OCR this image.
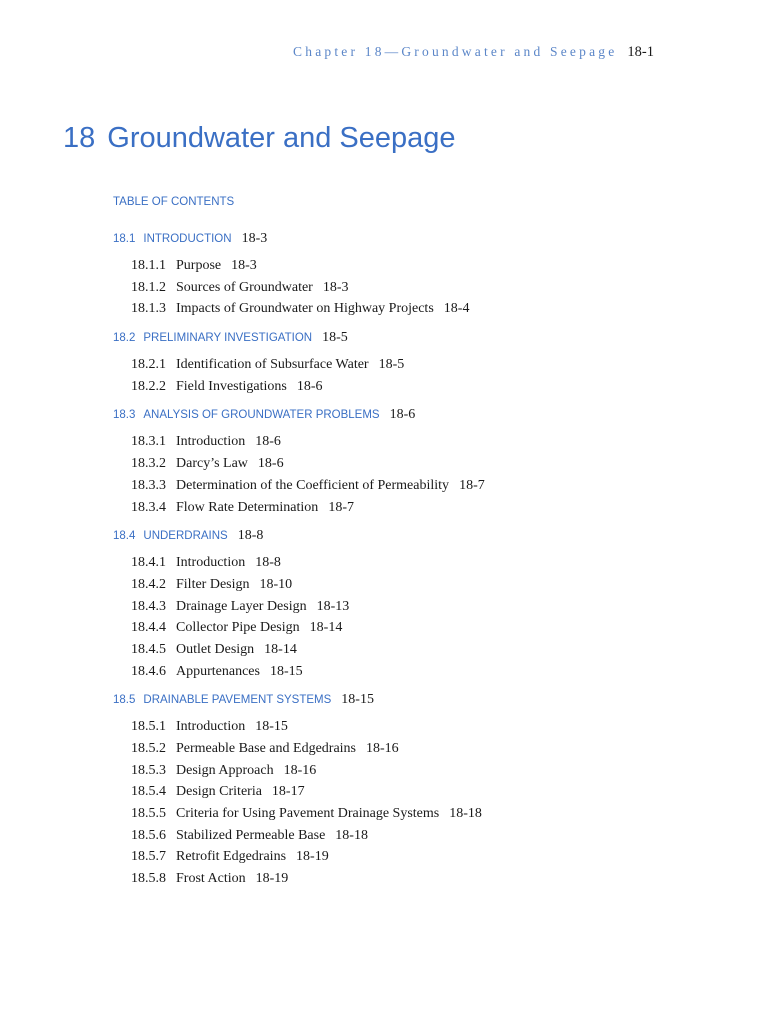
Chapter 18—Groundwater and Seepage 18-1
18 Groundwater and Seepage
TABLE OF CONTENTS
18.1 INTRODUCTION 18-3
18.1.1 Purpose 18-3
18.1.2 Sources of Groundwater 18-3
18.1.3 Impacts of Groundwater on Highway Projects 18-4
18.2 PRELIMINARY INVESTIGATION 18-5
18.2.1 Identification of Subsurface Water 18-5
18.2.2 Field Investigations 18-6
18.3 ANALYSIS OF GROUNDWATER PROBLEMS 18-6
18.3.1 Introduction 18-6
18.3.2 Darcy’s Law 18-6
18.3.3 Determination of the Coefficient of Permeability 18-7
18.3.4 Flow Rate Determination 18-7
18.4 UNDERDRAINS 18-8
18.4.1 Introduction 18-8
18.4.2 Filter Design 18-10
18.4.3 Drainage Layer Design 18-13
18.4.4 Collector Pipe Design 18-14
18.4.5 Outlet Design 18-14
18.4.6 Appurtenances 18-15
18.5 DRAINABLE PAVEMENT SYSTEMS 18-15
18.5.1 Introduction 18-15
18.5.2 Permeable Base and Edgedrains 18-16
18.5.3 Design Approach 18-16
18.5.4 Design Criteria 18-17
18.5.5 Criteria for Using Pavement Drainage Systems 18-18
18.5.6 Stabilized Permeable Base 18-18
18.5.7 Retrofit Edgedrains 18-19
18.5.8 Frost Action 18-19
